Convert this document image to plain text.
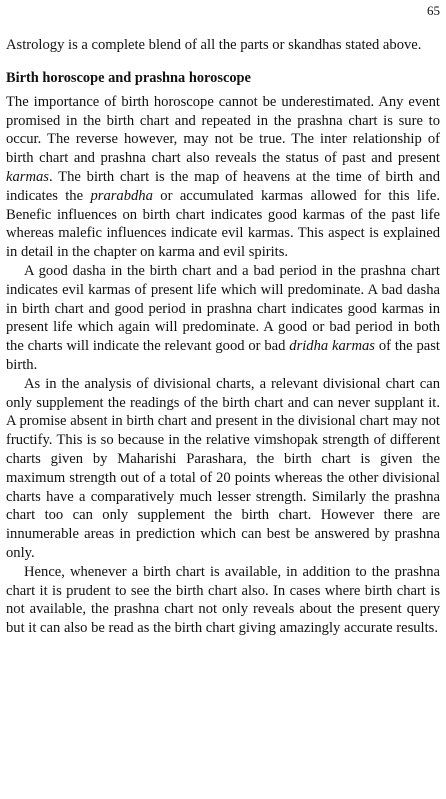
65

Astrology is a complete blend of all the parts or skandhas stated above.

Birth horoscope and prashna horoscope

The importance of birth horoscope cannot be underestimated. Any event promised in the birth chart and repeated in the prashna chart is sure to occur. The reverse however, may not be true. The inter relationship of birth chart and prashna chart also reveals the status of past and present karmas. The birth chart is the map of heavens at the time of birth and indicates the prarabdha or accumulated karmas allowed for this life. Benefic influences on birth chart indicates good karmas of the past life whereas malefic influences indicate evil karmas. This aspect is explained in detail in the chapter on karma and evil spirits.

A good dasha in the birth chart and a bad period in the prashna chart indicates evil karmas of present life which will predominate. A bad dasha in birth chart and good period in prashna chart indicates good karmas in present life which again will predominate. A good or bad period in both the charts will indicate the relevant good or bad dridha karmas of the past birth.

As in the analysis of divisional charts, a relevant divisional chart can only supplement the readings of the birth chart and can never supplant it. A promise absent in birth chart and present in the divisional chart may not fructify. This is so because in the relative vimshopak strength of different charts given by Maharishi Parashara, the birth chart is given the maximum strength out of a total of 20 points whereas the other divisional charts have a comparatively much lesser strength. Similarly the prashna chart too can only supplement the birth chart. However there are innumerable areas in prediction which can best be answered by prashna only.

Hence, whenever a birth chart is available, in addition to the prashna chart it is prudent to see the birth chart also. In cases where birth chart is not available, the prashna chart not only reveals about the present query but it can also be read as the birth chart giving amazingly accurate results.
